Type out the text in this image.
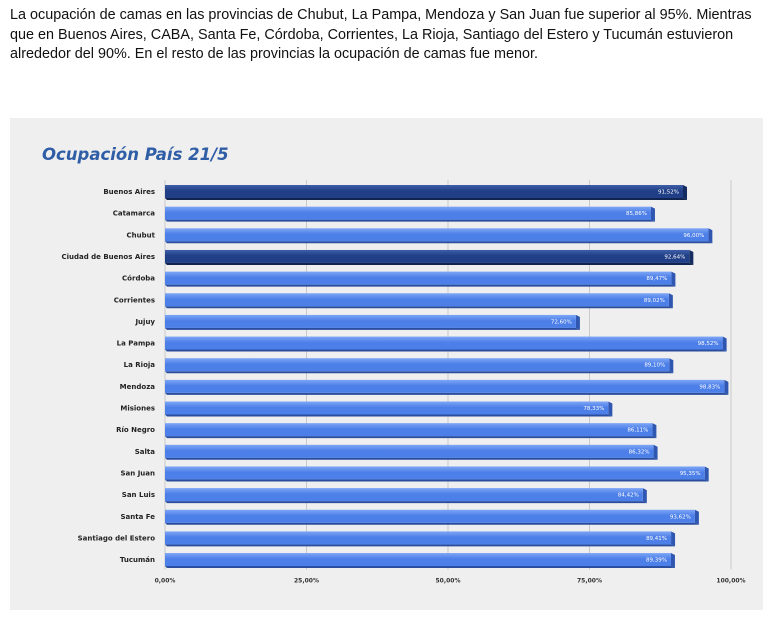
La ocupación de camas en las provincias de Chubut, La Pampa, Mendoza y San Juan fue superior al 95%. Mientras que en Buenos Aires, CABA, Santa Fe, Córdoba, Corrientes, La Rioja, Santiago del Estero y Tucumán estuvieron alrededor del 90%. En el resto de las provincias la ocupación de camas fue menor.

Ocupación País 21/5
91,52%
85,86%
96,00%
92,64%
89,47%
89,02%
72,60%
98,52%
89,10%
98,83%
78,33%
86,11%
86,32%
95,35%
84,42%
93,62%
89,41%
89,39%
Buenos Aires
Catamarca
Chubut
Ciudad de Buenos Aires
Córdoba
Corrientes
Jujuy
La Pampa
La Rioja
Mendoza
Misiones
Río Negro
Salta
San Juan
San Luis
Santa Fe
Santiago del Estero
Tucumán
0,00%	25,00%	50,00%	75,00%	100,00%
